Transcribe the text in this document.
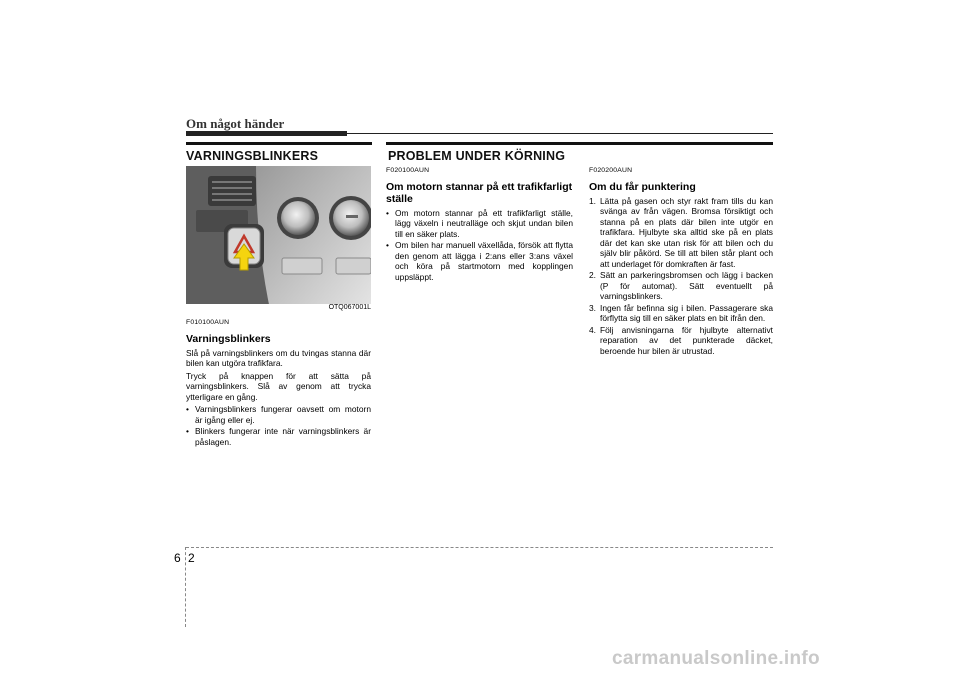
Om något händer
VARNINGSBLINKERS	PROBLEM UNDER KÖRNING
OTQ067001L
F010100AUN
Varningsblinkers

Slå på varningsblinkers om du tvingas stanna där bilen kan utgöra trafikfara.

Tryck på knappen för att sätta på varningsblinkers. Slå av genom att trycka ytterligare en gång.

• Varningsblinkers fungerar oavsett om motorn är igång eller ej.
• Blinkers fungerar inte när varningsblinkers är påslagen.
F020100AUN
Om motorn stannar på ett trafikfarligt ställe
• Om motorn stannar på ett trafikfarligt ställe, lägg växeln i neutralläge och skjut undan bilen till en säker plats.
• Om bilen har manuell växellåda, försök att flytta den genom att lägga i 2:ans eller 3:ans växel och köra på startmotorn med kopplingen uppsläppt.
F020200AUN
Om du får punktering
1. Lätta på gasen och styr rakt fram tills du kan svänga av från vägen. Bromsa försiktigt och stanna på en plats där bilen inte utgör en trafikfara. Hjulbyte ska alltid ske på en plats där det kan ske utan risk för att bilen och du själv blir påkörd. Se till att bilen står plant och att underlaget för domkraften är fast.
2. Sätt an parkeringsbromsen och lägg i backen (P för automat). Sätt eventuellt på varningsblinkers.
3. Ingen får befinna sig i bilen. Passagerare ska förflytta sig till en säker plats en bit ifrån den.
4. Följ anvisningarna för hjulbyte alternativt reparation av det punkterade däcket, beroende hur bilen är utrustad.
6 2
carmanualsonline.info
